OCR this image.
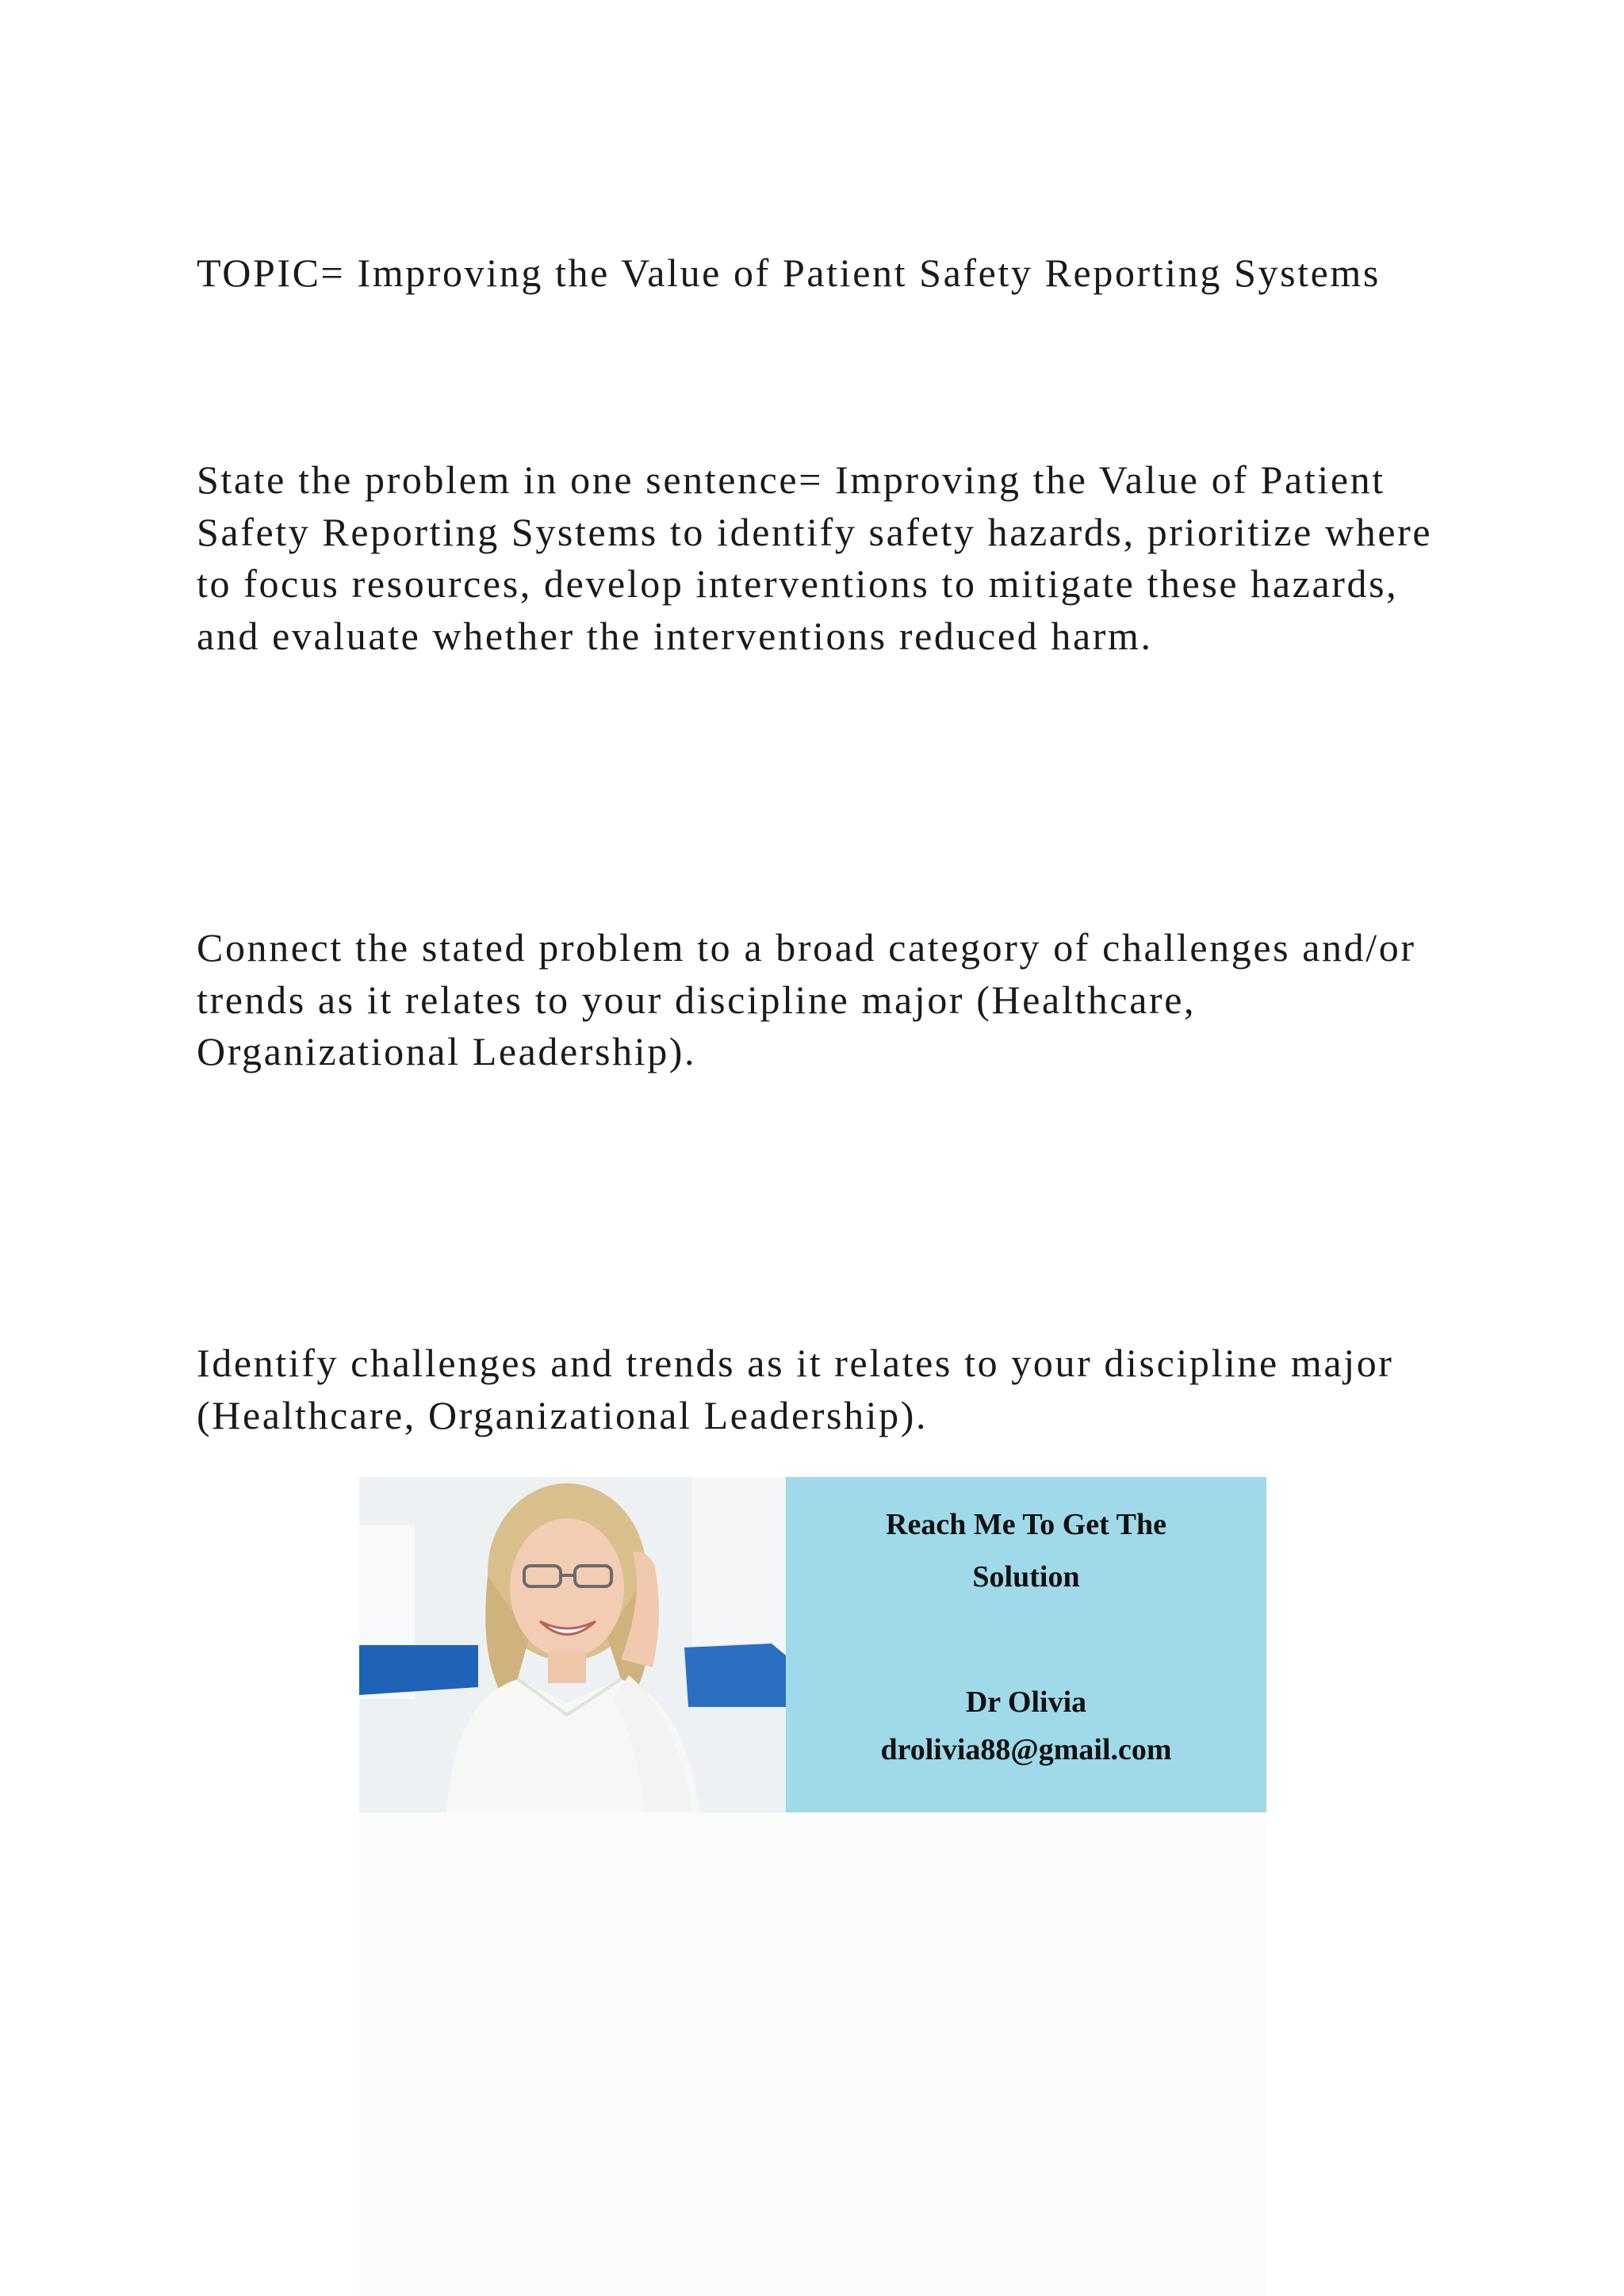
TOPIC= Improving the Value of Patient Safety Reporting Systems

State the problem in one sentence= Improving the Value of Patient Safety Reporting Systems to identify safety hazards, prioritize where to focus resources, develop interventions to mitigate these hazards, and evaluate whether the interventions reduced harm.

Connect the stated problem to a broad category of challenges and/or trends as it relates to your discipline major (Healthcare, Organizational Leadership).

Identify challenges and trends as it relates to your discipline major (Healthcare, Organizational Leadership).

Reach Me To Get The
Solution
Dr Olivia
drolivia88@gmail.com
